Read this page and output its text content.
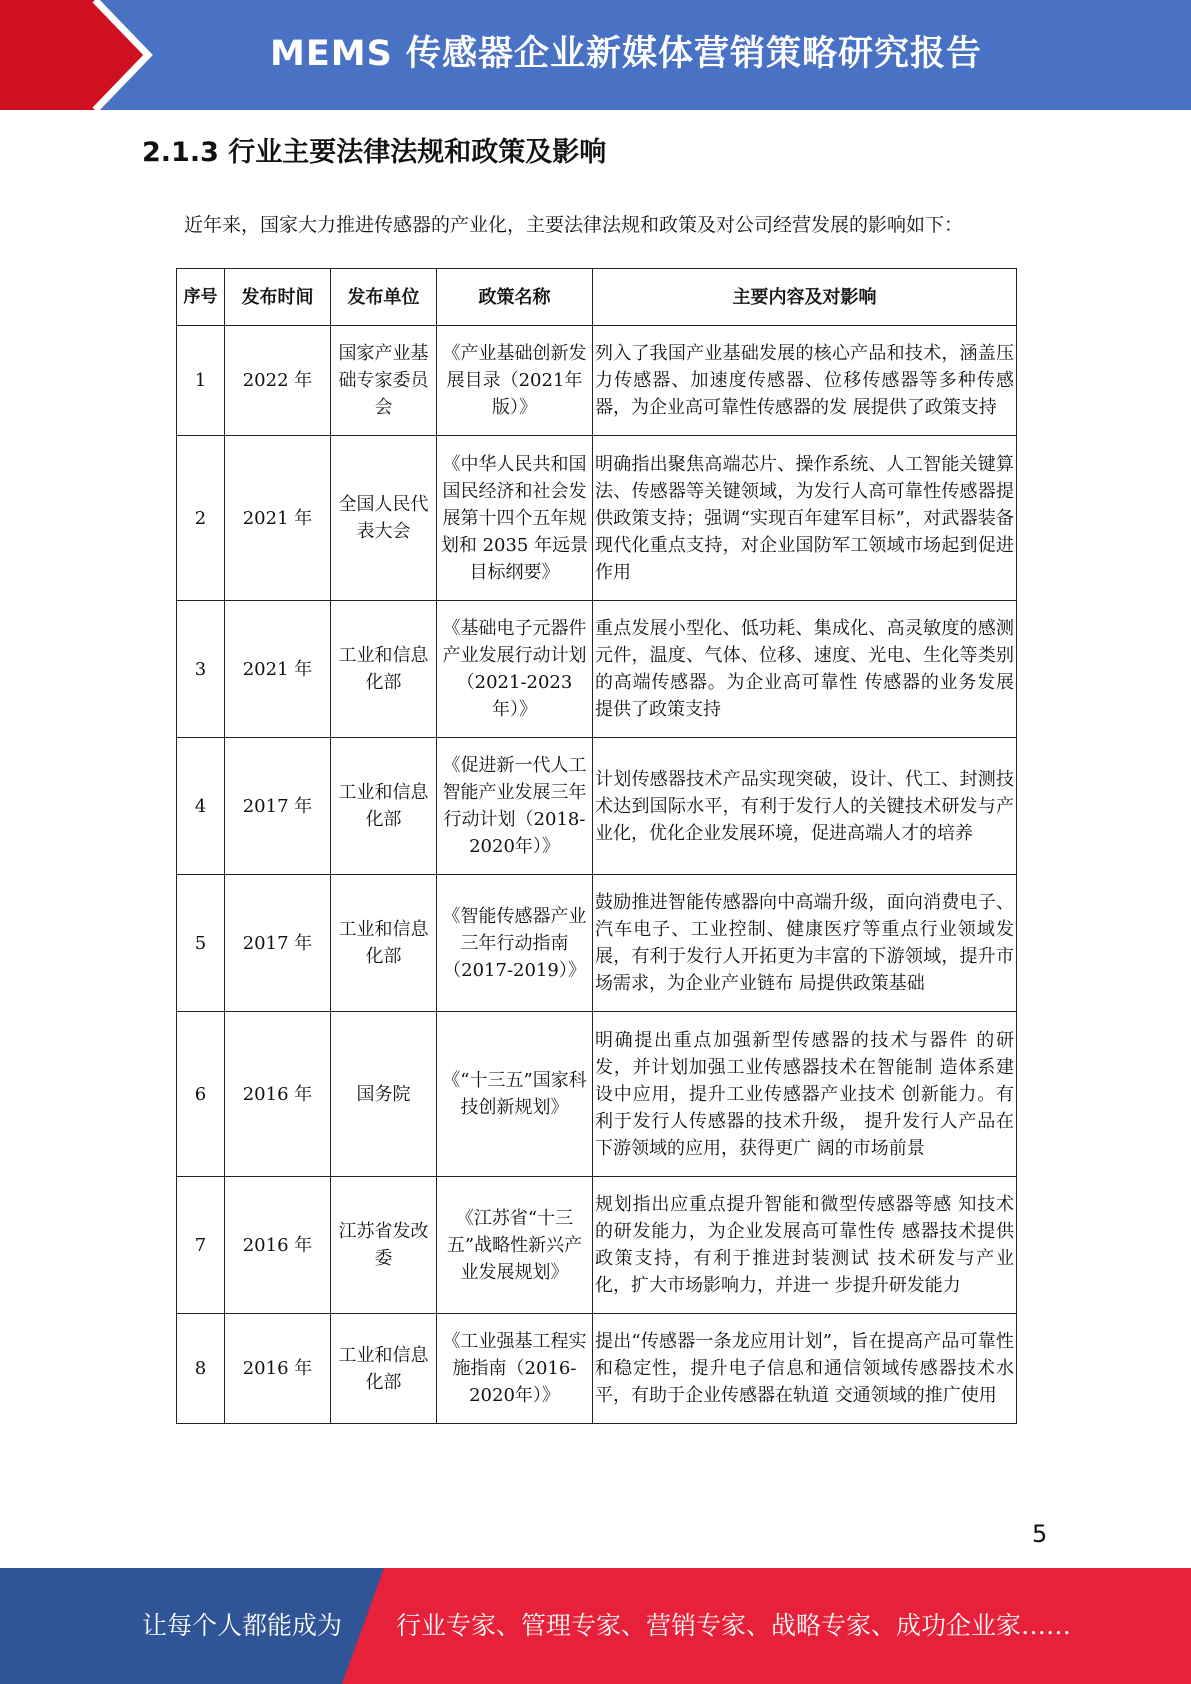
MEMS 传感器企业新媒体营销策略研究报告
2.1.3 行业主要法律法规和政策及影响
近年来，国家大力推进传感器的产业化，主要法律法规和政策及对公司经营发展的影响如下：
序号	发布时间	发布单位	政策名称	主要内容及对影响
1	2022 年	国家产业基础专家委员会	《产业基础创新发展目录（2021年版）》	列入了我国产业基础发展的核心产品和技术，涵盖压力传感器、加速度传感器、位移传感器等多种传感器，为企业高可靠性传感器的发 展提供了政策支持
2	2021 年	全国人民代表大会	《中华人民共和国国民经济和社会发展第十四个五年规划和 2035 年远景目标纲要》	明确指出聚焦高端芯片、操作系统、人工智能关键算法、传感器等关键领域，为发行人高可靠性传感器提供政策支持；强调“实现百年建军目标”，对武器装备现代化重点支持，对企业国防军工领域市场起到促进作用
3	2021 年	工业和信息化部	《基础电子元器件产业发展行动计划（2021-2023年）》	重点发展小型化、低功耗、集成化、高灵敏度的感测元件，温度、气体、位移、速度、光电、生化等类别的高端传感器。为企业高可靠性 传感器的业务发展提供了政策支持
4	2017 年	工业和信息化部	《促进新一代人工智能产业发展三年行动计划（2018-2020年）》	计划传感器技术产品实现突破，设计、代工、封测技术达到国际水平，有利于发行人的关键技术研发与产业化，优化企业发展环境，促进高端人才的培养
5	2017 年	工业和信息化部	《智能传感器产业三年行动指南（2017-2019）》	鼓励推进智能传感器向中高端升级，面向消费电子、汽车电子、工业控制、健康医疗等重点行业领域发展，有利于发行人开拓更为丰富的下游领域，提升市场需求，为企业产业链布 局提供政策基础
6	2016 年	国务院	《“十三五”国家科技创新规划》	明确提出重点加强新型传感器的技术与器件 的研发，并计划加强工业传感器技术在智能制 造体系建设中应用，提升工业传感器产业技术 创新能力。有利于发行人传感器的技术升级， 提升发行人产品在下游领域的应用，获得更广 阔的市场前景
7	2016 年	江苏省发改委	《江苏省“十三五”战略性新兴产业发展规划》	规划指出应重点提升智能和微型传感器等感 知技术的研发能力，为企业发展高可靠性传 感器技术提供政策支持，有利于推进封装测试 技术研发与产业化，扩大市场影响力，并进一 步提升研发能力
8	2016 年	工业和信息化部	《工业强基工程实施指南（2016-2020年）》	提出“传感器一条龙应用计划”，旨在提高产品可靠性和稳定性，提升电子信息和通信领域传感器技术水平，有助于企业传感器在轨道 交通领域的推广使用
5
让每个人都能成为 行业专家、管理专家、营销专家、战略专家、成功企业家……
